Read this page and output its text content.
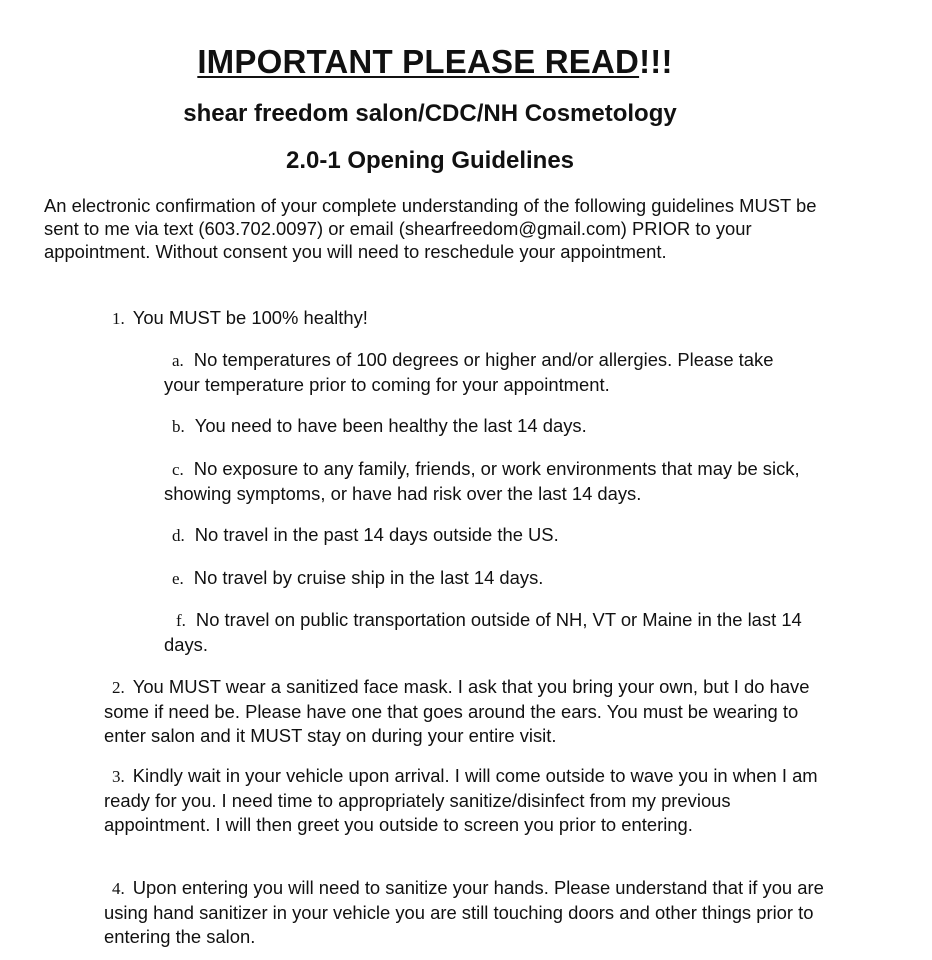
IMPORTANT PLEASE READ!!!
shear freedom salon/CDC/NH Cosmetology
2.0-1 Opening Guidelines

An electronic confirmation of your complete understanding of the following guidelines MUST be sent to me via text (603.702.0097) or email (shearfreedom@gmail.com) PRIOR to your appointment. Without consent you will need to reschedule your appointment.

1. You MUST be 100% healthy!

a. No temperatures of 100 degrees or higher and/or allergies. Please take your temperature prior to coming for your appointment.

b. You need to have been healthy the last 14 days.

c. No exposure to any family, friends, or work environments that may be sick, showing symptoms, or have had risk over the last 14 days.

d. No travel in the past 14 days outside the US.

e. No travel by cruise ship in the last 14 days.

f. No travel on public transportation outside of NH, VT or Maine in the last 14 days.

2. You MUST wear a sanitized face mask. I ask that you bring your own, but I do have some if need be. Please have one that goes around the ears. You must be wearing to enter salon and it MUST stay on during your entire visit.

3. Kindly wait in your vehicle upon arrival. I will come outside to wave you in when I am ready for you. I need time to appropriately sanitize/disinfect from my previous appointment. I will then greet you outside to screen you prior to entering.

4. Upon entering you will need to sanitize your hands. Please understand that if you are using hand sanitizer in your vehicle you are still touching doors and other things prior to entering the salon.
